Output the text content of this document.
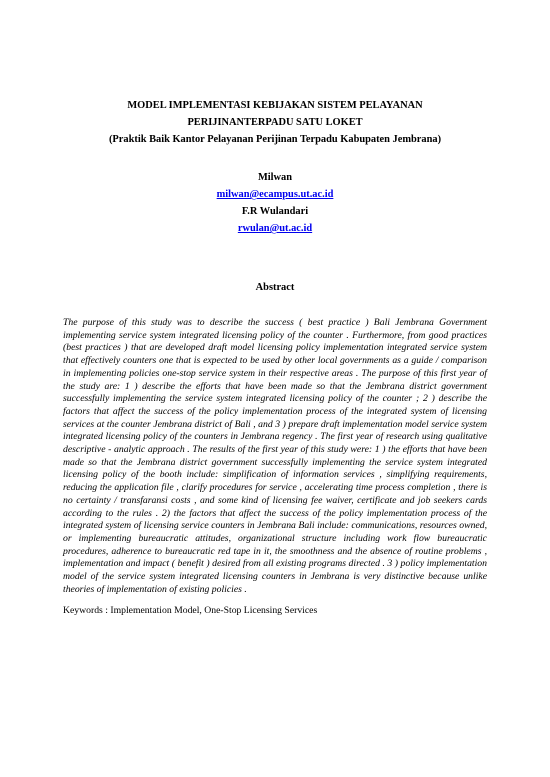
MODEL IMPLEMENTASI KEBIJAKAN SISTEM PELAYANAN
PERIJINANTERPADU SATU LOKET
(Praktik Baik Kantor Pelayanan Perijinan Terpadu Kabupaten Jembrana)
Milwan
milwan@ecampus.ut.ac.id
F.R Wulandari
rwulan@ut.ac.id
Abstract
The purpose of this study was to describe the success ( best practice ) Bali Jembrana Government implementing service system integrated licensing policy of the counter . Furthermore, from good practices (best practices ) that are developed draft model licensing policy implementation integrated service system that effectively counters one that is expected to be used by other local governments as a guide / comparison in implementing policies one-stop service system in their respective areas . The purpose of this first year of the study are: 1 ) describe the efforts that have been made so that the Jembrana district government successfully implementing the service system integrated licensing policy of the counter ; 2 ) describe the factors that affect the success of the policy implementation process of the integrated system of licensing services at the counter Jembrana district of Bali , and 3 ) prepare draft implementation model service system integrated licensing policy of the counters in Jembrana regency . The first year of research using qualitative descriptive - analytic approach . The results of the first year of this study were: 1 ) the efforts that have been made so that the Jembrana district government successfully implementing the service system integrated licensing policy of the booth include: simplification of information services , simplifying requirements, reducing the application file , clarify procedures for service , accelerating time process completion , there is no certainty / transfaransi costs , and some kind of licensing fee waiver, certificate and job seekers cards according to the rules . 2) the factors that affect the success of the policy implementation process of the integrated system of licensing service counters in Jembrana Bali include: communications, resources owned, or implementing bureaucratic attitudes, organizational structure including work flow bureaucratic procedures, adherence to bureaucratic red tape in it, the smoothness and the absence of routine problems , implementation and impact ( benefit ) desired from all existing programs directed . 3 ) policy implementation model of the service system integrated licensing counters in Jembrana is very distinctive because unlike theories of implementation of existing policies .
Keywords : Implementation Model, One-Stop Licensing Services
